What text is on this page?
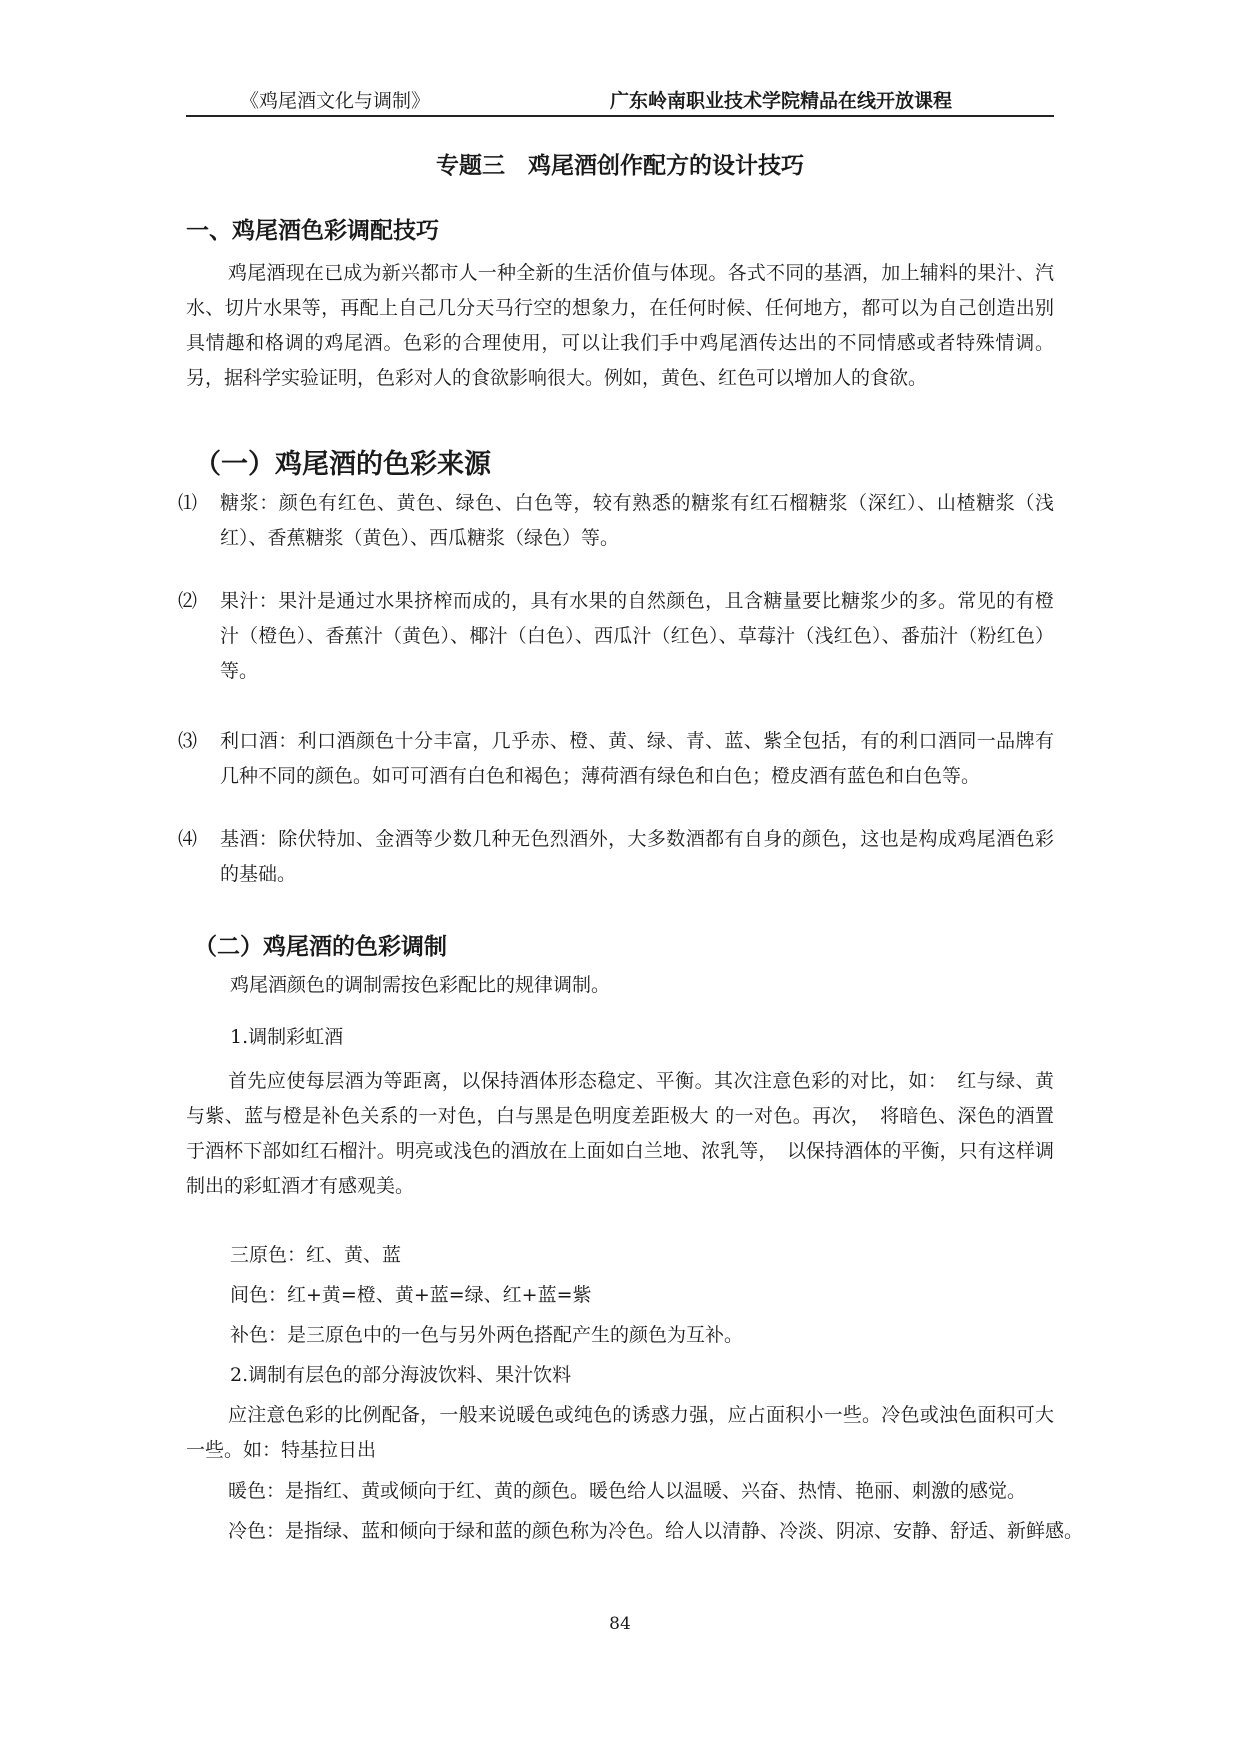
《鸡尾酒文化与调制》	广东岭南职业技术学院精品在线开放课程
专题三　鸡尾酒创作配方的设计技巧
一、鸡尾酒色彩调配技巧

鸡尾酒现在已成为新兴都市人一种全新的生活价值与体现。各式不同的基酒，加上辅料的果汁、汽水、切片水果等，再配上自己几分天马行空的想象力，在任何时候、任何地方，都可以为自己创造出别具情趣和格调的鸡尾酒。色彩的合理使用，可以让我们手中鸡尾酒传达出的不同情感或者特殊情调。另，据科学实验证明，色彩对人的食欲影响很大。例如，黄色、红色可以增加人的食欲。

（一）鸡尾酒的色彩来源
⑴ 糖浆：颜色有红色、黄色、绿色、白色等，较有熟悉的糖浆有红石榴糖浆（深红）、山楂糖浆（浅红）、香蕉糖浆（黄色）、西瓜糖浆（绿色）等。
⑵ 果汁：果汁是通过水果挤榨而成的，具有水果的自然颜色，且含糖量要比糖浆少的多。常见的有橙汁（橙色）、香蕉汁（黄色）、椰汁（白色）、西瓜汁（红色）、草莓汁（浅红色）、番茄汁（粉红色）等。
⑶ 利口酒：利口酒颜色十分丰富，几乎赤、橙、黄、绿、青、蓝、紫全包括，有的利口酒同一品牌有几种不同的颜色。如可可酒有白色和褐色；薄荷酒有绿色和白色；橙皮酒有蓝色和白色等。
⑷ 基酒：除伏特加、金酒等少数几种无色烈酒外，大多数酒都有自身的颜色，这也是构成鸡尾酒色彩的基础。
（二）鸡尾酒的色彩调制
鸡尾酒颜色的调制需按色彩配比的规律调制。
1.调制彩虹酒

首先应使每层酒为等距离，以保持酒体形态稳定、平衡。其次注意色彩的对比，如：　红与绿、黄与紫、蓝与橙是补色关系的一对色，白与黑是色明度差距极大 的一对色。再次，　将暗色、深色的酒置于酒杯下部如红石榴汁。明亮或浅色的酒放在上面如白兰地、浓乳等，　以保持酒体的平衡，只有这样调制出的彩虹酒才有感观美。

三原色：红、黄、蓝
间色：红+黄=橙、黄+蓝=绿、红+蓝=紫
补色：是三原色中的一色与另外两色搭配产生的颜色为互补。
2.调制有层色的部分海波饮料、果汁饮料

应注意色彩的比例配备，一般来说暖色或纯色的诱惑力强，应占面积小一些。冷色或浊色面积可大一些。如：特基拉日出

暖色：是指红、黄或倾向于红、黄的颜色。暖色给人以温暖、兴奋、热情、艳丽、刺激的感觉。
冷色：是指绿、蓝和倾向于绿和蓝的颜色称为冷色。给人以清静、冷淡、阴凉、安静、舒适、新鲜感。
84
